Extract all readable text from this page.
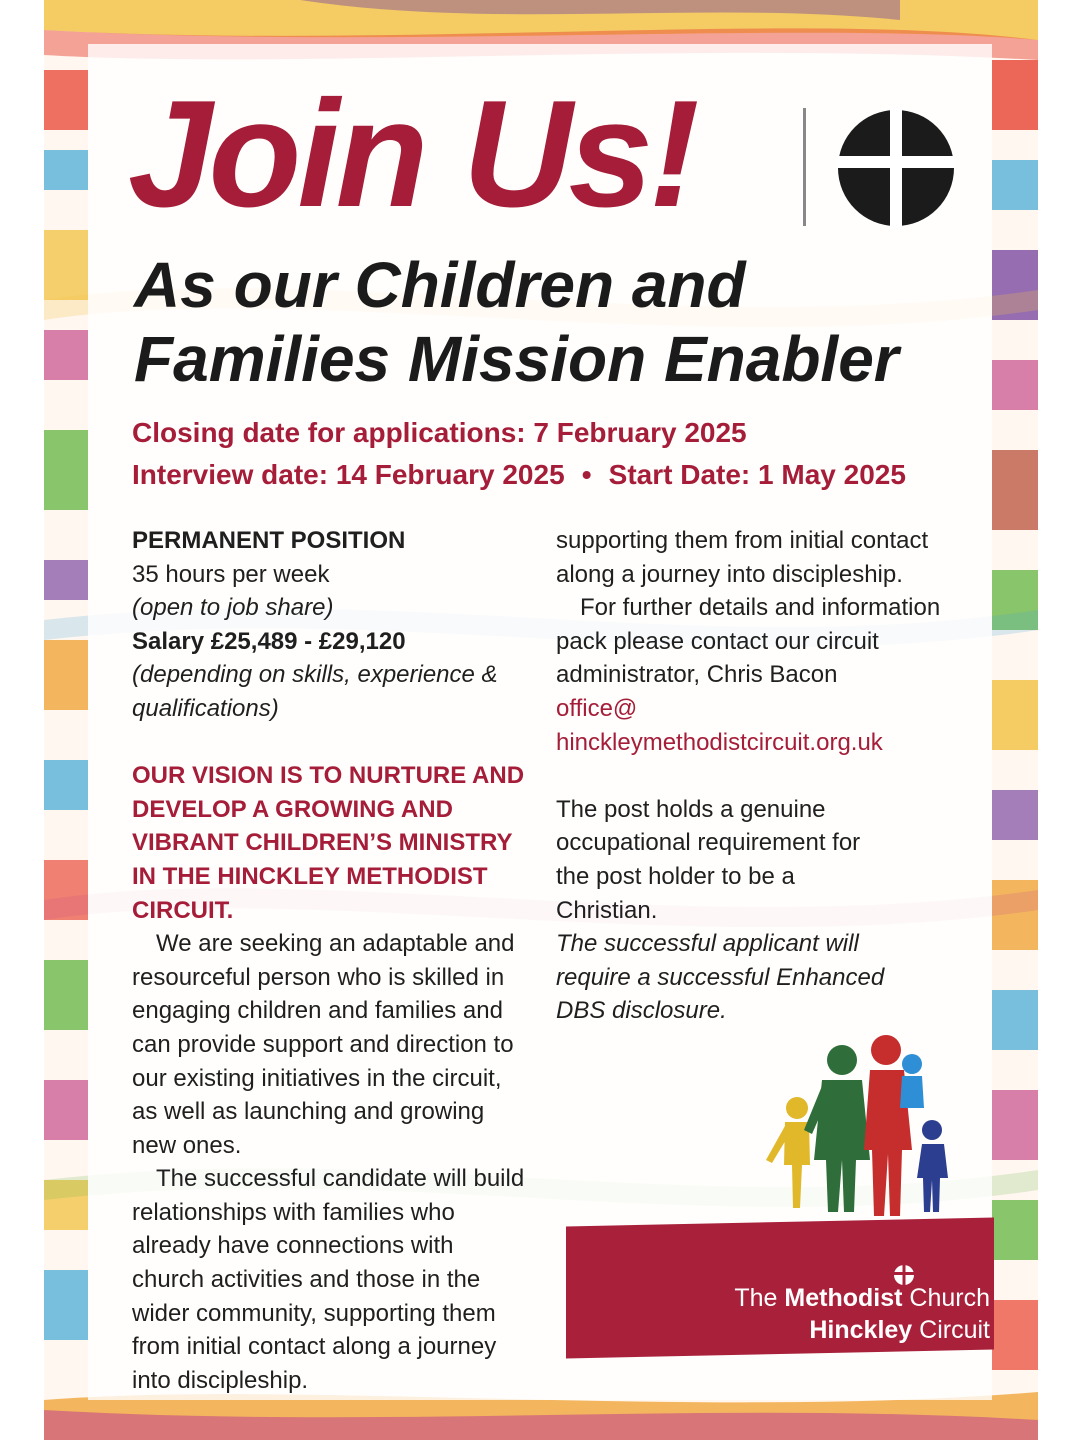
Join Us!
As our Children and Families Mission Enabler
Closing date for applications: 7 February 2025
Interview date: 14 February 2025 • Start Date: 1 May 2025
PERMANENT POSITION
35 hours per week
(open to job share)
Salary £25,489 - £29,120
(depending on skills, experience & qualifications)
OUR VISION IS TO NURTURE AND DEVELOP A GROWING AND VIBRANT CHILDREN’S MINISTRY IN THE HINCKLEY METHODIST CIRCUIT.
We are seeking an adaptable and resourceful person who is skilled in engaging children and families and can provide support and direction to our existing initiatives in the circuit, as well as launching and growing new ones.
The successful candidate will build relationships with families who already have connections with church activities and those in the wider community, supporting them from initial contact along a journey into discipleship.
supporting them from initial contact along a journey into discipleship.
For further details and information pack please contact our circuit administrator, Chris Bacon
office@
hinckleymethodistcircuit.org.uk
The post holds a genuine occupational requirement for the post holder to be a Christian.
The successful applicant will require a successful Enhanced DBS disclosure.
The Methodist Church
Hinckley Circuit
